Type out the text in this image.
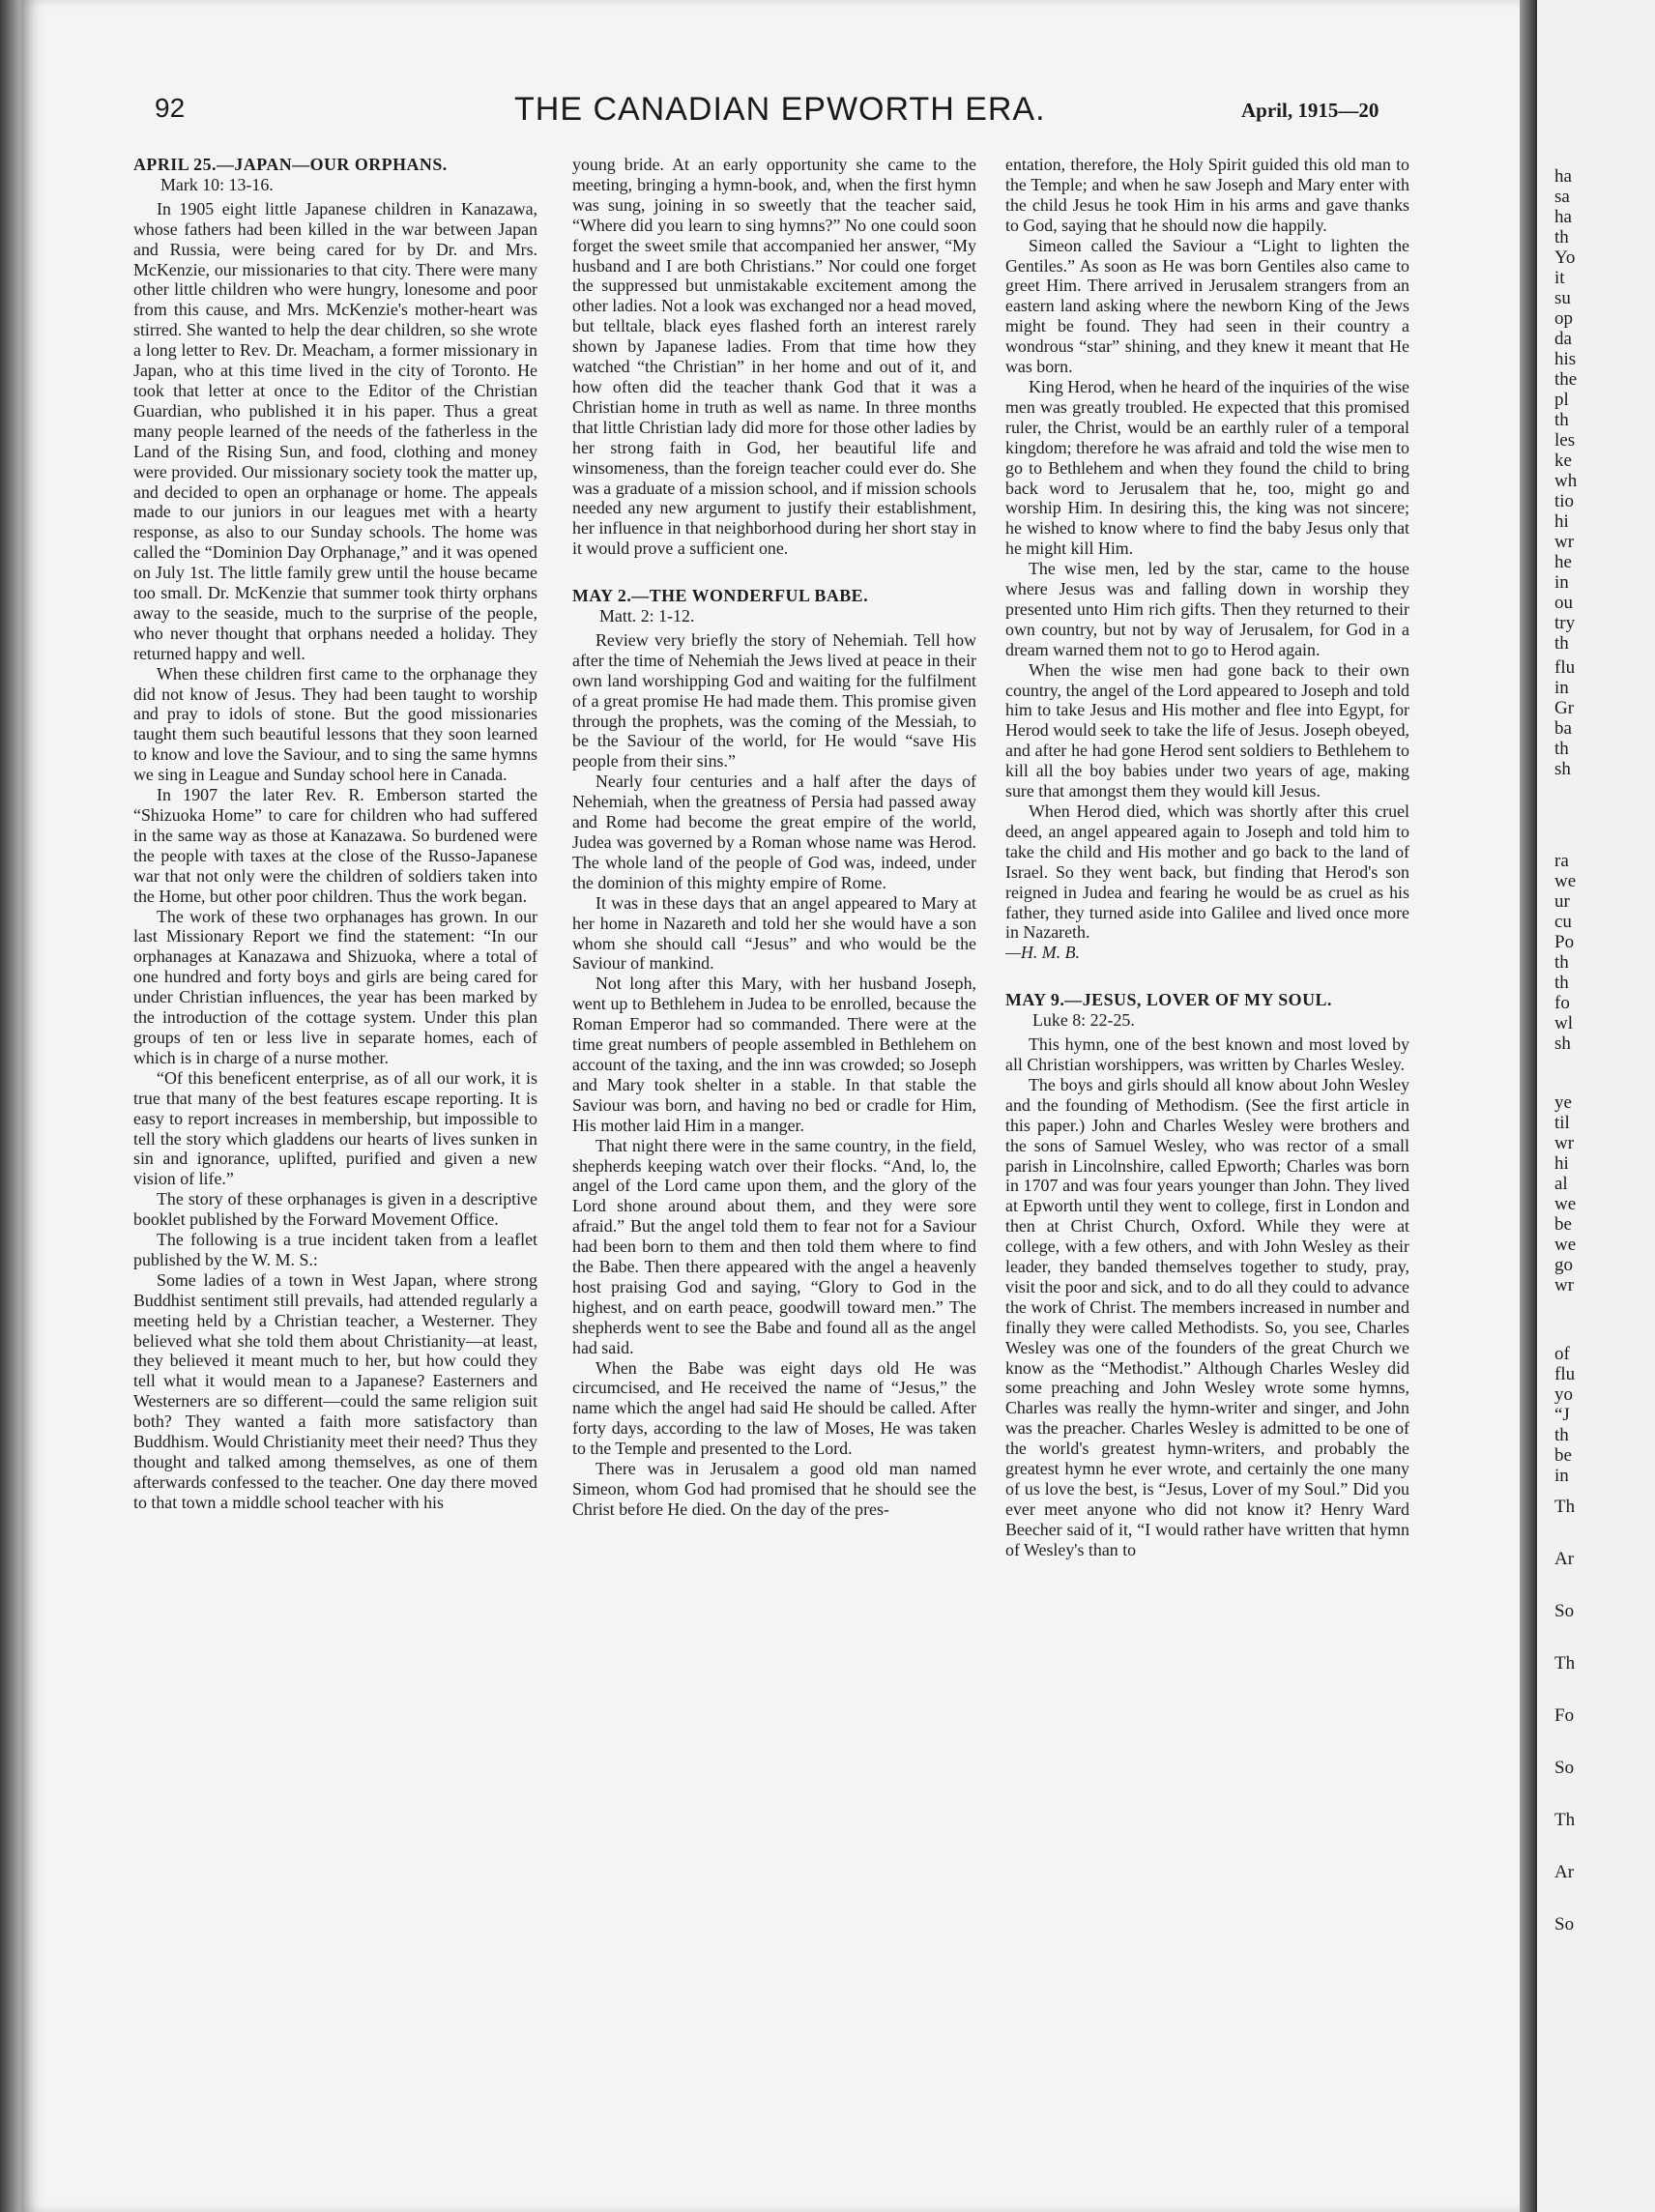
92	THE CANADIAN EPWORTH ERA.	April, 1915—20

APRIL 25.—JAPAN—OUR ORPHANS.

Mark 10: 13-16.

In 1905 eight little Japanese children in Kanazawa, whose fathers had been killed in the war between Japan and Russia, were being cared for by Dr. and Mrs. McKenzie, our missionaries to that city. There were many other little children who were hungry, lonesome and poor from this cause, and Mrs. McKenzie's mother-heart was stirred. She wanted to help the dear children, so she wrote a long letter to Rev. Dr. Meacham, a former missionary in Japan, who at this time lived in the city of Toronto. He took that letter at once to the Editor of the Christian Guardian, who published it in his paper. Thus a great many people learned of the needs of the fatherless in the Land of the Rising Sun, and food, clothing and money were provided. Our missionary society took the matter up, and decided to open an orphanage or home. The appeals made to our juniors in our leagues met with a hearty response, as also to our Sunday schools. The home was called the “Dominion Day Orphanage,” and it was opened on July 1st. The little family grew until the house became too small. Dr. McKenzie that summer took thirty orphans away to the seaside, much to the surprise of the people, who never thought that orphans needed a holiday. They returned happy and well.

When these children first came to the orphanage they did not know of Jesus. They had been taught to worship and pray to idols of stone. But the good missionaries taught them such beautiful lessons that they soon learned to know and love the Saviour, and to sing the same hymns we sing in League and Sunday school here in Canada.

In 1907 the later Rev. R. Emberson started the “Shizuoka Home” to care for children who had suffered in the same way as those at Kanazawa. So burdened were the people with taxes at the close of the Russo-Japanese war that not only were the children of soldiers taken into the Home, but other poor children. Thus the work began.

The work of these two orphanages has grown. In our last Missionary Report we find the statement: “In our orphanages at Kanazawa and Shizuoka, where a total of one hundred and forty boys and girls are being cared for under Christian influences, the year has been marked by the introduction of the cottage system. Under this plan groups of ten or less live in separate homes, each of which is in charge of a nurse mother.

“Of this beneficent enterprise, as of all our work, it is true that many of the best features escape reporting. It is easy to report increases in membership, but impossible to tell the story which gladdens our hearts of lives sunken in sin and ignorance, uplifted, purified and given a new vision of life.”

The story of these orphanages is given in a descriptive booklet published by the Forward Movement Office.

The following is a true incident taken from a leaflet published by the W. M. S.:

Some ladies of a town in West Japan, where strong Buddhist sentiment still prevails, had attended regularly a meeting held by a Christian teacher, a Westerner. They believed what she told them about Christianity—at least, they believed it meant much to her, but how could they tell what it would mean to a Japanese? Easterners and Westerners are so different—could the same religion suit both? They wanted a faith more satisfactory than Buddhism. Would Christianity meet their need? Thus they thought and talked among themselves, as one of them afterwards confessed to the teacher. One day there moved to that town a middle school teacher with his

young bride. At an early opportunity she came to the meeting, bringing a hymn-book, and, when the first hymn was sung, joining in so sweetly that the teacher said, “Where did you learn to sing hymns?” No one could soon forget the sweet smile that accompanied her answer, “My husband and I are both Christians.” Nor could one forget the suppressed but unmistakable excitement among the other ladies. Not a look was exchanged nor a head moved, but telltale, black eyes flashed forth an interest rarely shown by Japanese ladies. From that time how they watched “the Christian” in her home and out of it, and how often did the teacher thank God that it was a Christian home in truth as well as name. In three months that little Christian lady did more for those other ladies by her strong faith in God, her beautiful life and winsomeness, than the foreign teacher could ever do. She was a graduate of a mission school, and if mission schools needed any new argument to justify their establishment, her influence in that neighborhood during her short stay in it would prove a sufficient one.

MAY 2.—THE WONDERFUL BABE.

Matt. 2: 1-12.

Review very briefly the story of Nehemiah. Tell how after the time of Nehemiah the Jews lived at peace in their own land worshipping God and waiting for the fulfilment of a great promise He had made them. This promise given through the prophets, was the coming of the Messiah, to be the Saviour of the world, for He would “save His people from their sins.”

Nearly four centuries and a half after the days of Nehemiah, when the greatness of Persia had passed away and Rome had become the great empire of the world, Judea was governed by a Roman whose name was Herod. The whole land of the people of God was, indeed, under the dominion of this mighty empire of Rome.

It was in these days that an angel appeared to Mary at her home in Nazareth and told her she would have a son whom she should call “Jesus” and who would be the Saviour of mankind.

Not long after this Mary, with her husband Joseph, went up to Bethlehem in Judea to be enrolled, because the Roman Emperor had so commanded. There were at the time great numbers of people assembled in Bethlehem on account of the taxing, and the inn was crowded; so Joseph and Mary took shelter in a stable. In that stable the Saviour was born, and having no bed or cradle for Him, His mother laid Him in a manger.

That night there were in the same country, in the field, shepherds keeping watch over their flocks. “And, lo, the angel of the Lord came upon them, and the glory of the Lord shone around about them, and they were sore afraid.” But the angel told them to fear not for a Saviour had been born to them and then told them where to find the Babe. Then there appeared with the angel a heavenly host praising God and saying, “Glory to God in the highest, and on earth peace, goodwill toward men.” The shepherds went to see the Babe and found all as the angel had said.

When the Babe was eight days old He was circumcised, and He received the name of “Jesus,” the name which the angel had said He should be called. After forty days, according to the law of Moses, He was taken to the Temple and presented to the Lord.

There was in Jerusalem a good old man named Simeon, whom God had promised that he should see the Christ before He died. On the day of the pres-

entation, therefore, the Holy Spirit guided this old man to the Temple; and when he saw Joseph and Mary enter with the child Jesus he took Him in his arms and gave thanks to God, saying that he should now die happily.

Simeon called the Saviour a “Light to lighten the Gentiles.” As soon as He was born Gentiles also came to greet Him. There arrived in Jerusalem strangers from an eastern land asking where the newborn King of the Jews might be found. They had seen in their country a wondrous “star” shining, and they knew it meant that He was born.

King Herod, when he heard of the inquiries of the wise men was greatly troubled. He expected that this promised ruler, the Christ, would be an earthly ruler of a temporal kingdom; therefore he was afraid and told the wise men to go to Bethlehem and when they found the child to bring back word to Jerusalem that he, too, might go and worship Him. In desiring this, the king was not sincere; he wished to know where to find the baby Jesus only that he might kill Him.

The wise men, led by the star, came to the house where Jesus was and falling down in worship they presented unto Him rich gifts. Then they returned to their own country, but not by way of Jerusalem, for God in a dream warned them not to go to Herod again.

When the wise men had gone back to their own country, the angel of the Lord appeared to Joseph and told him to take Jesus and His mother and flee into Egypt, for Herod would seek to take the life of Jesus. Joseph obeyed, and after he had gone Herod sent soldiers to Bethlehem to kill all the boy babies under two years of age, making sure that amongst them they would kill Jesus.

When Herod died, which was shortly after this cruel deed, an angel appeared again to Joseph and told him to take the child and His mother and go back to the land of Israel. So they went back, but finding that Herod's son reigned in Judea and fearing he would be as cruel as his father, they turned aside into Galilee and lived once more in Nazareth.

—H. M. B.

MAY 9.—JESUS, LOVER OF MY SOUL.

Luke 8: 22-25.

This hymn, one of the best known and most loved by all Christian worshippers, was written by Charles Wesley.

The boys and girls should all know about John Wesley and the founding of Methodism. (See the first article in this paper.) John and Charles Wesley were brothers and the sons of Samuel Wesley, who was rector of a small parish in Lincolnshire, called Epworth; Charles was born in 1707 and was four years younger than John. They lived at Epworth until they went to college, first in London and then at Christ Church, Oxford. While they were at college, with a few others, and with John Wesley as their leader, they banded themselves together to study, pray, visit the poor and sick, and to do all they could to advance the work of Christ. The members increased in number and finally they were called Methodists. So, you see, Charles Wesley was one of the founders of the great Church we know as the “Methodist.” Although Charles Wesley did some preaching and John Wesley wrote some hymns, Charles was really the hymn-writer and singer, and John was the preacher. Charles Wesley is admitted to be one of the world's greatest hymn-writers, and probably the greatest hymn he ever wrote, and certainly the one many of us love the best, is “Jesus, Lover of my Soul.” Did you ever meet anyone who did not know it? Henry Ward Beecher said of it, “I would rather have written that hymn of Wesley's than to

ha
sa
ha
th
Yo
it
su
op
da
his
the
pl
th
les
ke
wh
tio
hi
wr
he
in
ou
try
th
flu
in
Gr
ba
th
sh
ra
we
ur
cu
Po
th
th
fo
wl
sh
ye
til
wr
hi
al
we
be
we
go
wr
of
flu
yo
“J
th
be
in
Th
Ar
So
Th
Fo
So
Th
Ar
So
